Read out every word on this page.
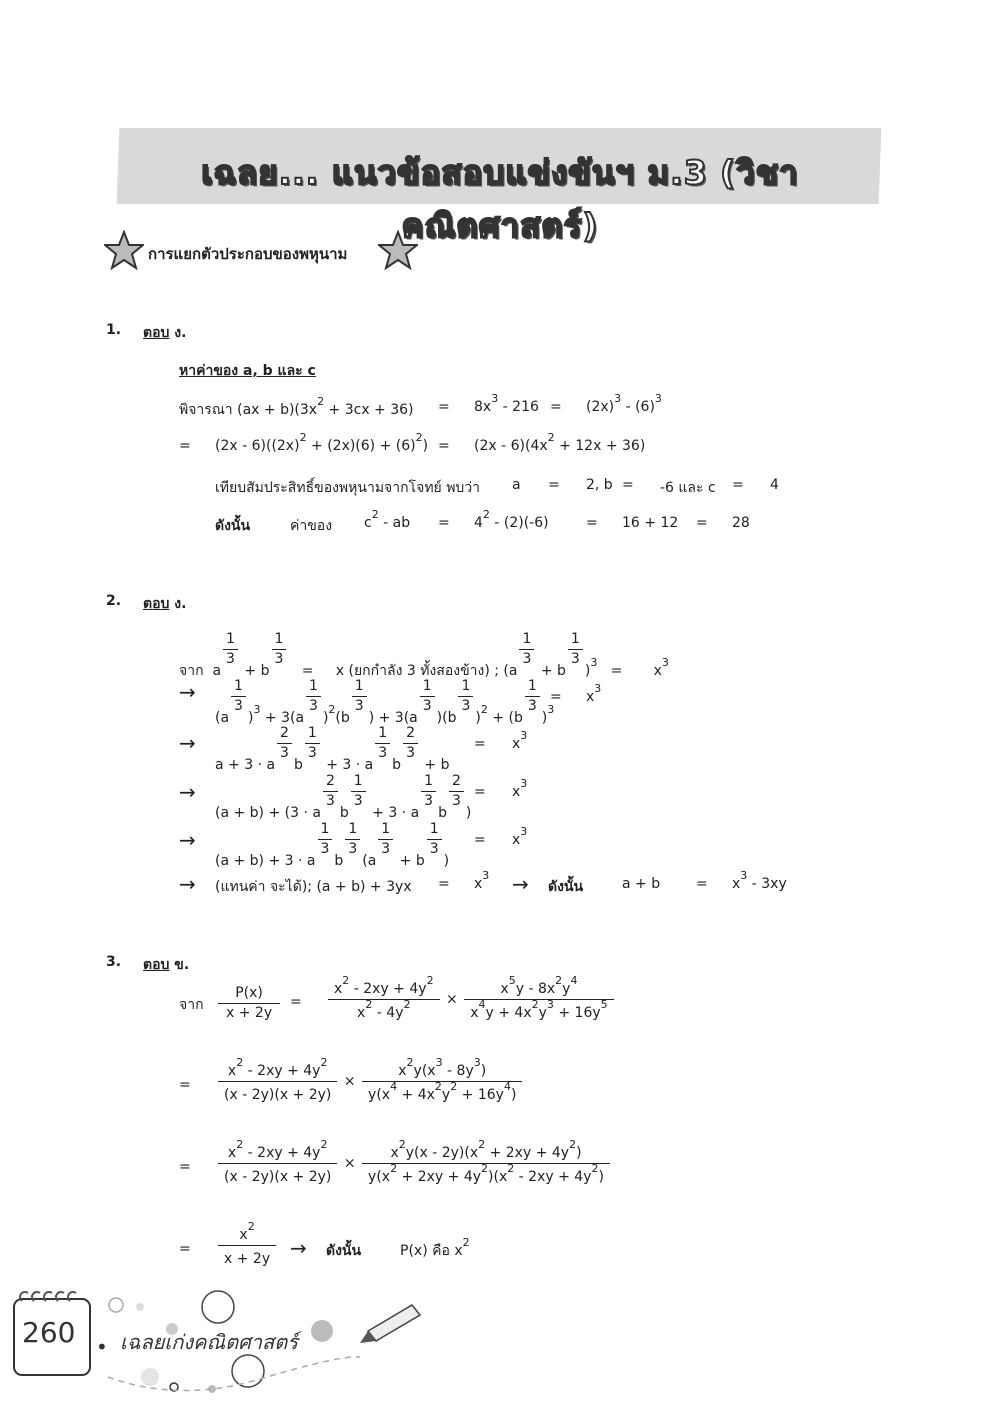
เฉลย... แนวข้อสอบแข่งขันฯ ม.3 (วิชาคณิตศาสตร์)
การแยกตัวประกอบของพหุนาม
1. ตอบ ง.
หาค่าของ a, b และ c
พิจารณา $(ax + b)(3x^2 + 3cx + 36) = 8x^3 - 216 = (2x)^3 - (6)^3$
= $(2x - 6)((2x)^2 + (2x)(6) + (6)^2) = (2x - 6)(4x^2 + 12x + 36)$
เทียบสัมประสิทธิ์ของพหุนามจากโจทย์ พบว่า a = 2, b = -6 และ c = 4
ดังนั้น	ค่าของ $c^2$ - ab = $4^2 - (2)(-6)$	= 16 + 12 = 28
2. ตอบ ง.
จาก a
$\frac{1}{3}$
+ b
$\frac{1}{3}$
= x (ยกกำลัง 3 ทั้งสองข้าง) ; (a
$\frac{1}{3}$
+ b
$\frac{1}{3}$
)$^3 = x^3$
→
(a
$\frac{1}{3}$
)$^3$ + 3(a
$\frac{1}{3}$
)$^2$(b
$\frac{1}{3}$
) + 3(a
$\frac{1}{3}$
)(b
$\frac{1}{3}$
)$^2$ + (b
$\frac{1}{3}$
)$^3$
= $x^3$
→
a + 3 · a
$\frac{2}{3}$
b
$\frac{1}{3}$
+ 3 · a
$\frac{1}{3}$
b
$\frac{2}{3}$
+ b
= $x^3$
→
(a + b) + (3 · a
$\frac{2}{3}$
b
$\frac{1}{3}$
+ 3 · a
$\frac{1}{3}$
b
$\frac{2}{3}$
)
= $x^3$
→
(a + b) + 3 · a
$\frac{1}{3}$
b
$\frac{1}{3}$
(a
$\frac{1}{3}$
+ b
$\frac{1}{3}$
)
= $x^3$
→ (แทนค่า จะได้); $(a + b) + 3yx = x^3$ → ดังนั้น	a + b	= $x^3 - 3xy$
3. ตอบ ข.
จาก $\frac{P(x)}{x + 2y} = \frac{x^2 - 2xy + 4y^2}{x^2 - 4y^2} \times \frac{x^5y - 8x^2y^4}{x^4y + 4x^2y^3 + 16y^5}$
= $\frac{x^2 - 2xy + 4y^2}{(x - 2y)(x + 2y)} \times \frac{x^2y(x^3 - 8y^3)}{y(x^4 + 4x^2y^2 + 16y^4)}$
= $\frac{x^2 - 2xy + 4y^2}{(x - 2y)(x + 2y)} \times \frac{x^2y(x - 2y)(x^2 + 2xy + 4y^2)}{y(x^2 + 2xy + 4y^2)(x^2 - 2xy + 4y^2)}$
= $\frac{x^2}{x + 2y}$ → ดังนั้น	P(x) คือ $x^2$
260 • เฉลยเก่งคณิตศาสตร์
